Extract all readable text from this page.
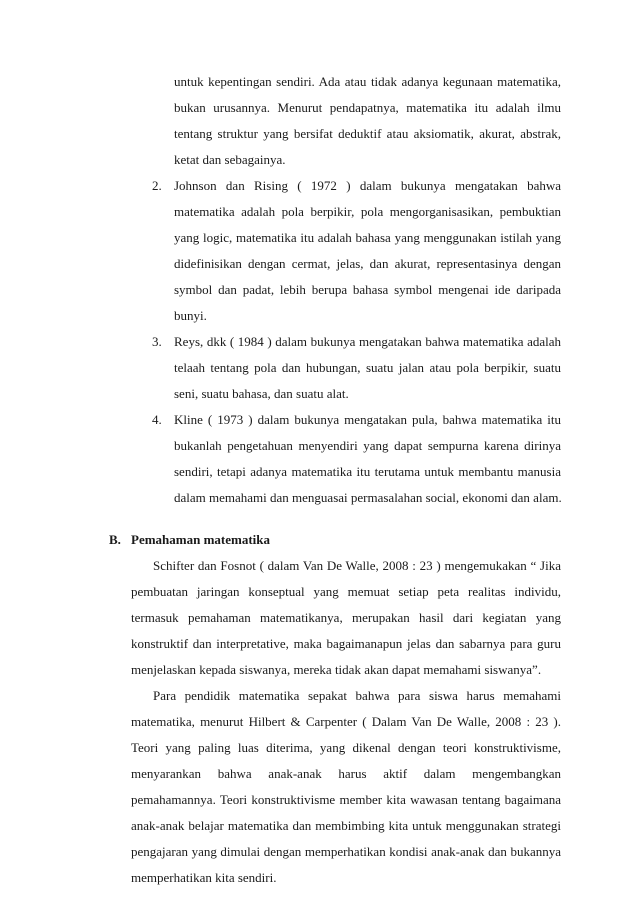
untuk kepentingan sendiri. Ada atau tidak adanya kegunaan matematika,
bukan urusannya. Menurut pendapatnya, matematika itu adalah ilmu
tentang struktur yang bersifat deduktif atau aksiomatik, akurat, abstrak,
ketat dan sebagainya.
2. Johnson dan Rising ( 1972 ) dalam bukunya mengatakan bahwa
matematika adalah pola berpikir, pola mengorganisasikan, pembuktian
yang logic, matematika itu adalah bahasa yang menggunakan istilah yang
didefinisikan dengan cermat, jelas, dan akurat, representasinya dengan
symbol dan padat, lebih berupa bahasa symbol mengenai ide daripada
bunyi.
3. Reys, dkk ( 1984 ) dalam bukunya mengatakan bahwa matematika adalah
telaah tentang pola dan hubungan, suatu jalan atau pola berpikir, suatu
seni, suatu bahasa, dan suatu alat.
4. Kline ( 1973 ) dalam bukunya mengatakan pula, bahwa matematika itu
bukanlah pengetahuan menyendiri yang dapat sempurna karena dirinya
sendiri, tetapi adanya matematika itu terutama untuk membantu manusia
dalam memahami dan menguasai permasalahan social, ekonomi dan alam.
B. Pemahaman matematika
Schifter dan Fosnot ( dalam Van De Walle, 2008 : 23 ) mengemukakan “ Jika
pembuatan jaringan konseptual yang memuat setiap peta realitas individu,
termasuk pemahaman matematikanya, merupakan hasil dari kegiatan yang
konstruktif dan interpretative, maka bagaimanapun jelas dan sabarnya para guru
menjelaskan kepada siswanya, mereka tidak akan dapat memahami siswanya”.
Para pendidik matematika sepakat bahwa para siswa harus memahami
matematika, menurut Hilbert & Carpenter ( Dalam Van De Walle, 2008 : 23 ).
Teori yang paling luas diterima, yang dikenal dengan teori konstruktivisme,
menyarankan bahwa anak-anak harus aktif dalam mengembangkan
pemahamannya. Teori konstruktivisme member kita wawasan tentang bagaimana
anak-anak belajar matematika dan membimbing kita untuk menggunakan strategi
pengajaran yang dimulai dengan memperhatikan kondisi anak-anak dan bukannya
memperhatikan kita sendiri.
